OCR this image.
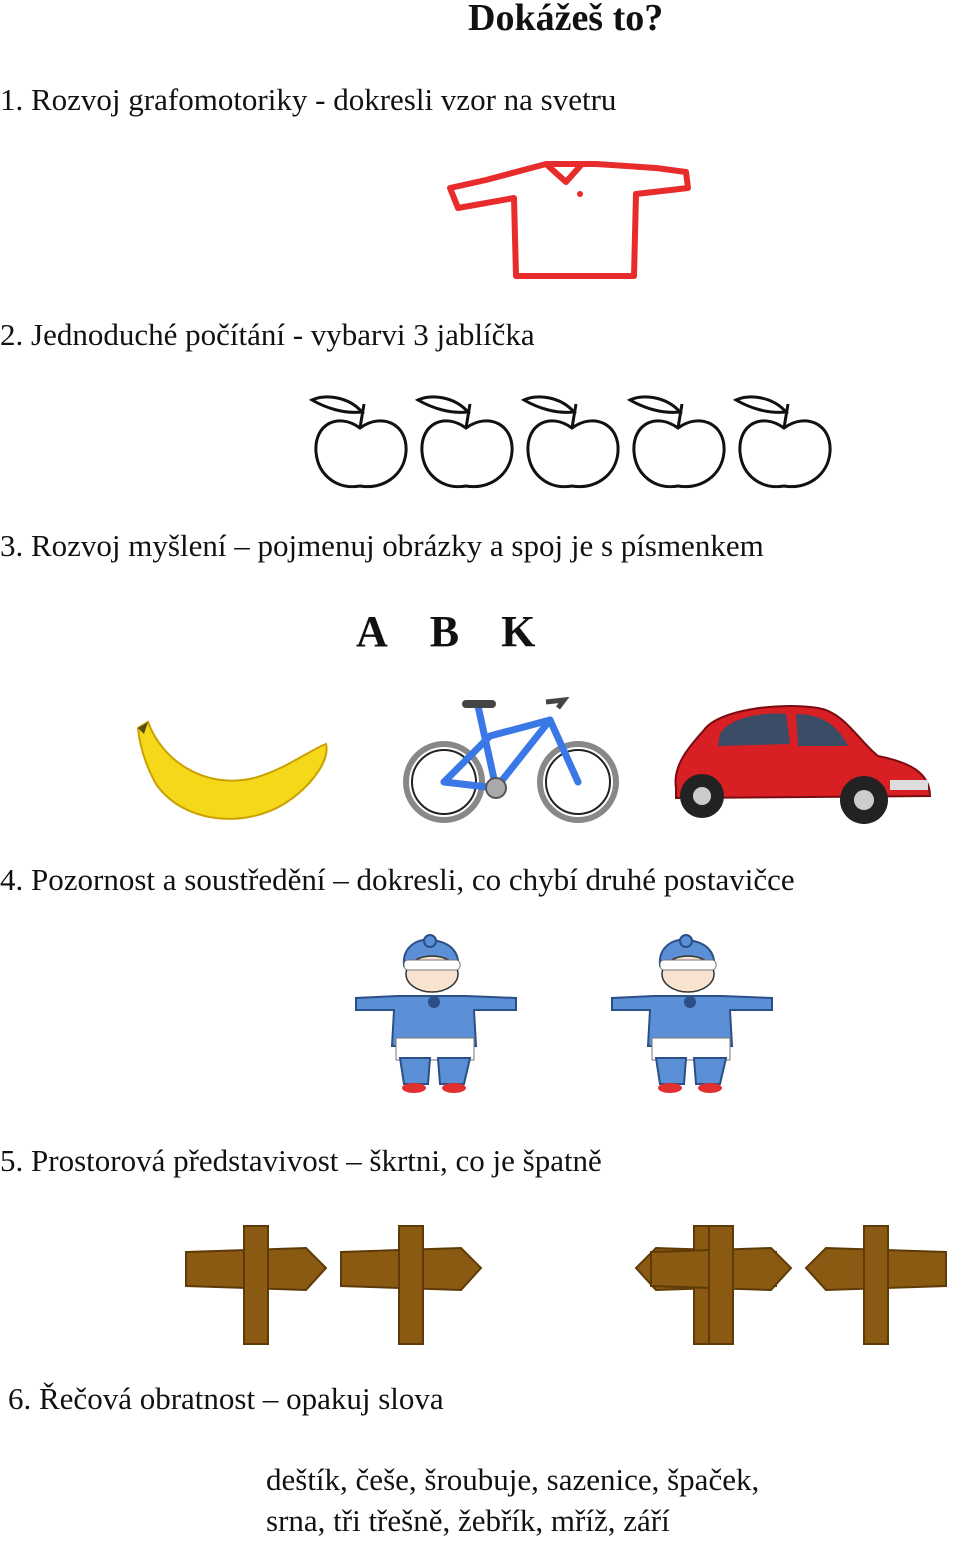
Dokážeš to?
1. Rozvoj grafomotoriky - dokresli vzor na svetru
2. Jednoduché počítání - vybarvi 3 jablíčka
3. Rozvoj myšlení – pojmenuj obrázky a spoj je s písmenkem
A B K
4. Pozornost a soustředění – dokresli, co chybí druhé postavičce
5. Prostorová představivost – škrtni, co je špatně
6. Řečová obratnost – opakuj slova
deštík, češe, šroubuje, sazenice, špaček,
srna, tři třešně, žebřík, mříž, září
